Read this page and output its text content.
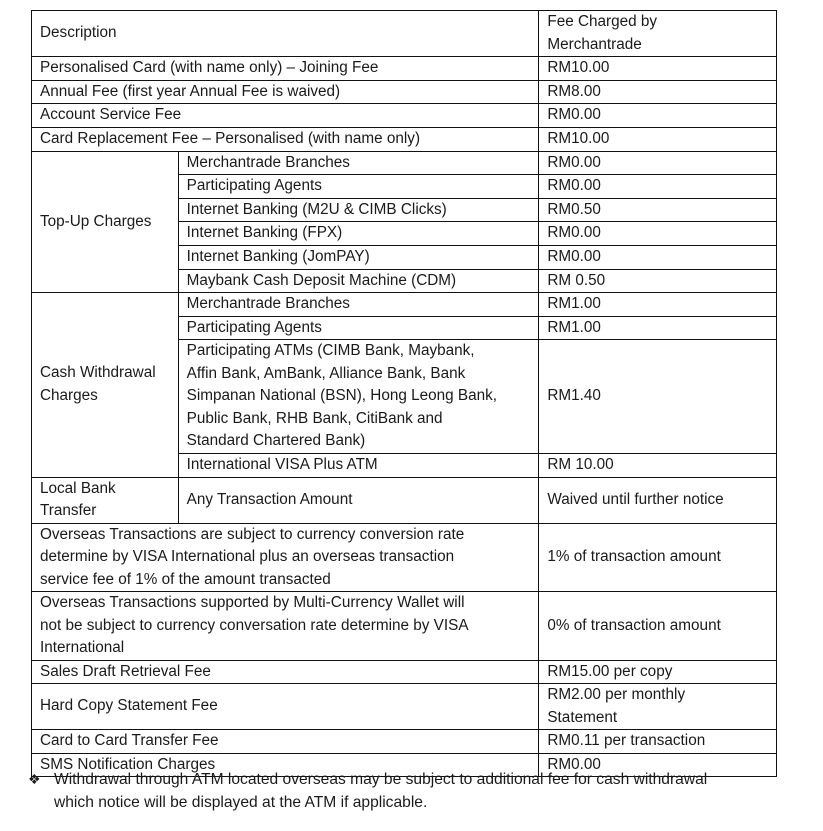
Description		Fee Charged by
Merchantrade
Personalised Card (with name only) – Joining Fee		RM10.00
Annual Fee (first year Annual Fee is waived)		RM8.00
Account Service Fee		RM0.00
Card Replacement Fee – Personalised (with name only)		RM10.00
Top-Up Charges	Merchantrade Branches	RM0.00
	Participating Agents	RM0.00
	Internet Banking (M2U & CIMB Clicks)	RM0.50
	Internet Banking (FPX)	RM0.00
	Internet Banking (JomPAY)	RM0.00
	Maybank Cash Deposit Machine (CDM)	RM 0.50
Cash Withdrawal
Charges	Merchantrade Branches	RM1.00
	Participating Agents	RM1.00
	Participating ATMs (CIMB Bank, Maybank,
Affin Bank, AmBank, Alliance Bank, Bank
Simpanan National (BSN), Hong Leong Bank,
Public Bank, RHB Bank, CitiBank and
Standard Chartered Bank)	RM1.40
	International VISA Plus ATM	RM 10.00
Local Bank
Transfer	Any Transaction Amount	Waived until further notice
Overseas Transactions are subject to currency conversion rate
determine by VISA International plus an overseas transaction
service fee of 1% of the amount transacted		1% of transaction amount
Overseas Transactions supported by Multi-Currency Wallet will
not be subject to currency conversation rate determine by VISA
International		0% of transaction amount
Sales Draft Retrieval Fee		RM15.00 per copy
Hard Copy Statement Fee		RM2.00 per monthly
Statement
Card to Card Transfer Fee		RM0.11 per transaction
SMS Notification Charges		RM0.00
❖ Withdrawal through ATM located overseas may be subject to additional fee for cash withdrawal
which notice will be displayed at the ATM if applicable.
